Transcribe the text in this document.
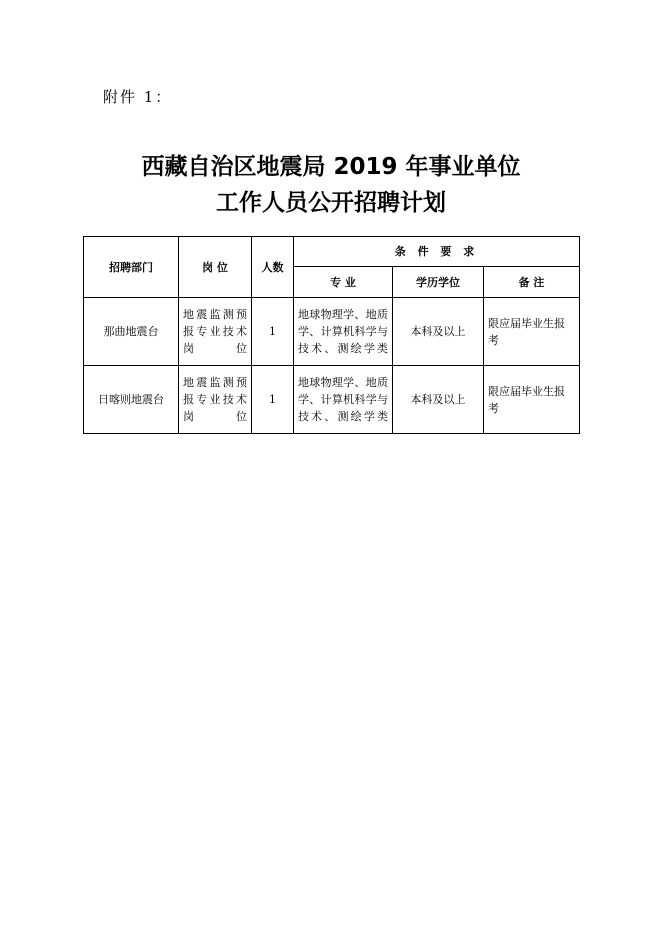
附件 1：
西藏自治区地震局 2019 年事业单位
工作人员公开招聘计划
招聘部门	岗 位	人数	条 件 要 求		
			专 业	学历学位	备 注
那曲地震台	地震监测预报专业技术岗位	1	地球物理学、地质学、计算机科学与技术、测绘学类	本科及以上	限应届毕业生报考
日喀则地震台	地震监测预报专业技术岗位	1	地球物理学、地质学、计算机科学与技术、测绘学类	本科及以上	限应届毕业生报考
